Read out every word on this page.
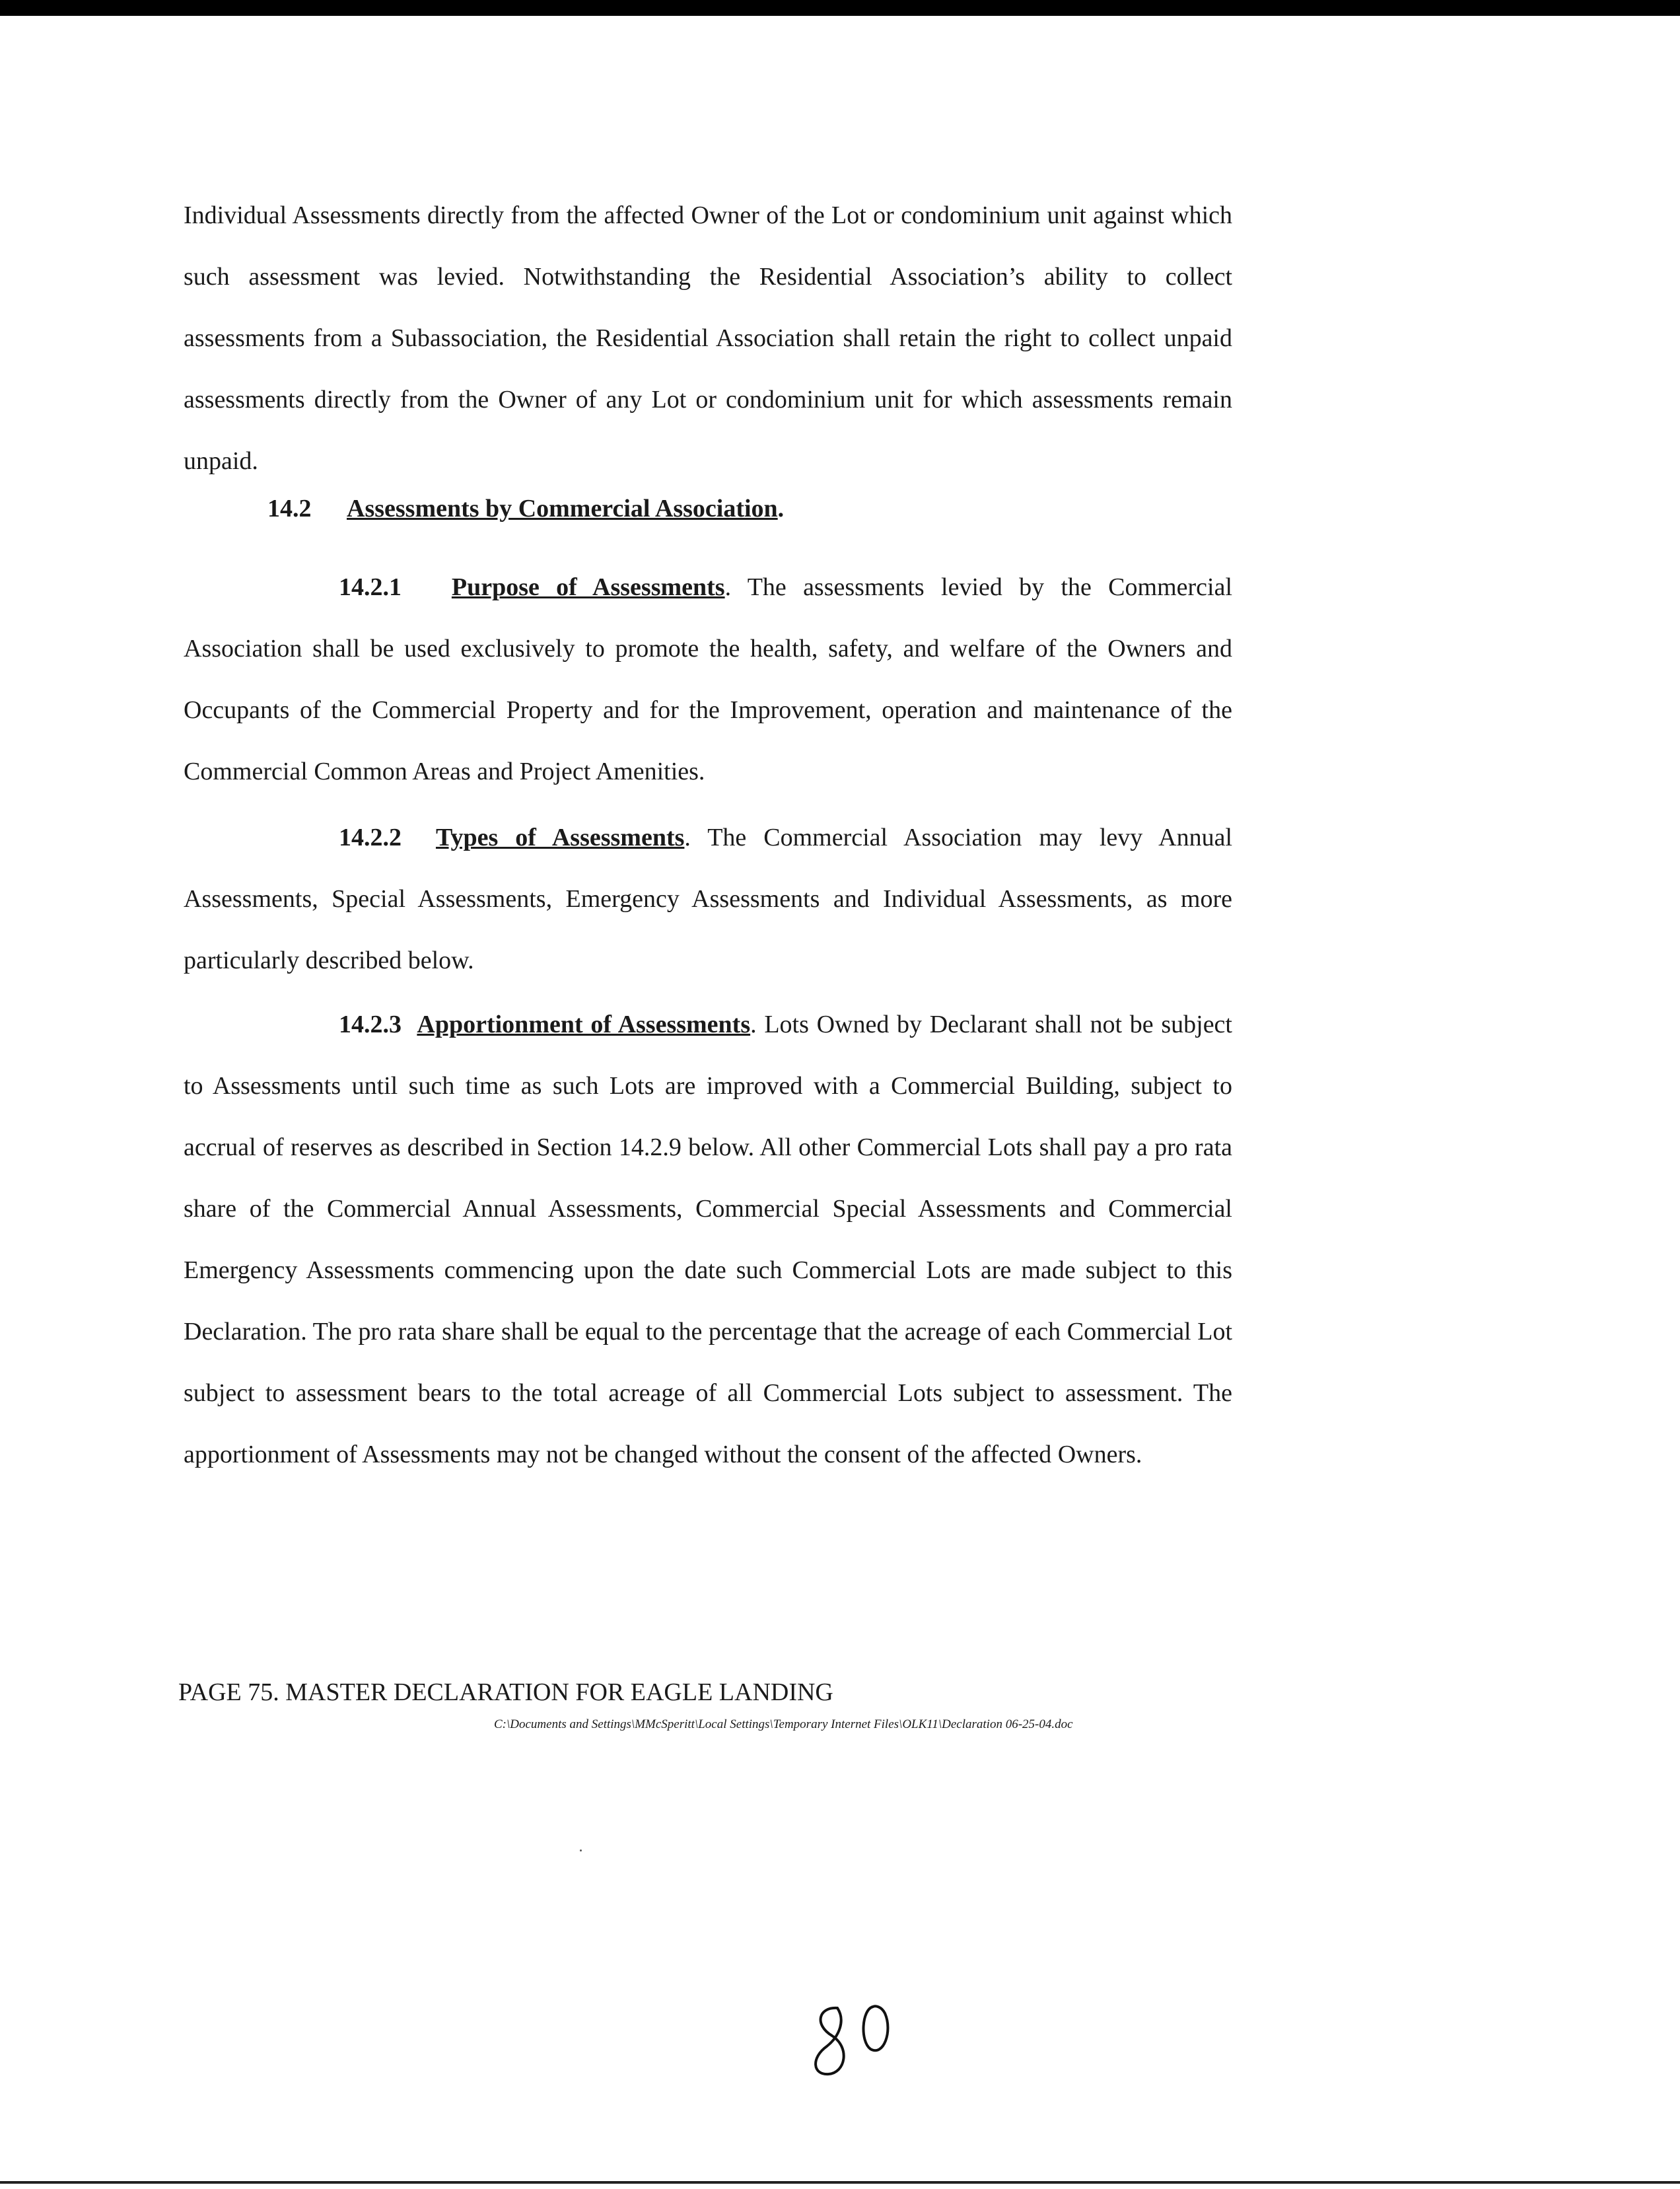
Individual Assessments directly from the affected Owner of the Lot or condominium unit against which such assessment was levied. Notwithstanding the Residential Association’s ability to collect assessments from a Subassociation, the Residential Association shall retain the right to collect unpaid assessments directly from the Owner of any Lot or condominium unit for which assessments remain unpaid.

14.2 Assessments by Commercial Association.

14.2.1 Purpose of Assessments. The assessments levied by the Commercial Association shall be used exclusively to promote the health, safety, and welfare of the Owners and Occupants of the Commercial Property and for the Improvement, operation and maintenance of the Commercial Common Areas and Project Amenities.

14.2.2 Types of Assessments. The Commercial Association may levy Annual Assessments, Special Assessments, Emergency Assessments and Individual Assessments, as more particularly described below.

14.2.3 Apportionment of Assessments. Lots Owned by Declarant shall not be subject to Assessments until such time as such Lots are improved with a Commercial Building, subject to accrual of reserves as described in Section 14.2.9 below. All other Commercial Lots shall pay a pro rata share of the Commercial Annual Assessments, Commercial Special Assessments and Commercial Emergency Assessments commencing upon the date such Commercial Lots are made subject to this Declaration. The pro rata share shall be equal to the percentage that the acreage of each Commercial Lot subject to assessment bears to the total acreage of all Commercial Lots subject to assessment. The apportionment of Assessments may not be changed without the consent of the affected Owners.

PAGE 75. MASTER DECLARATION FOR EAGLE LANDING
C:\Documents and Settings\MMcSperitt\Local Settings\Temporary Internet Files\OLK11\Declaration 06-25-04.doc
